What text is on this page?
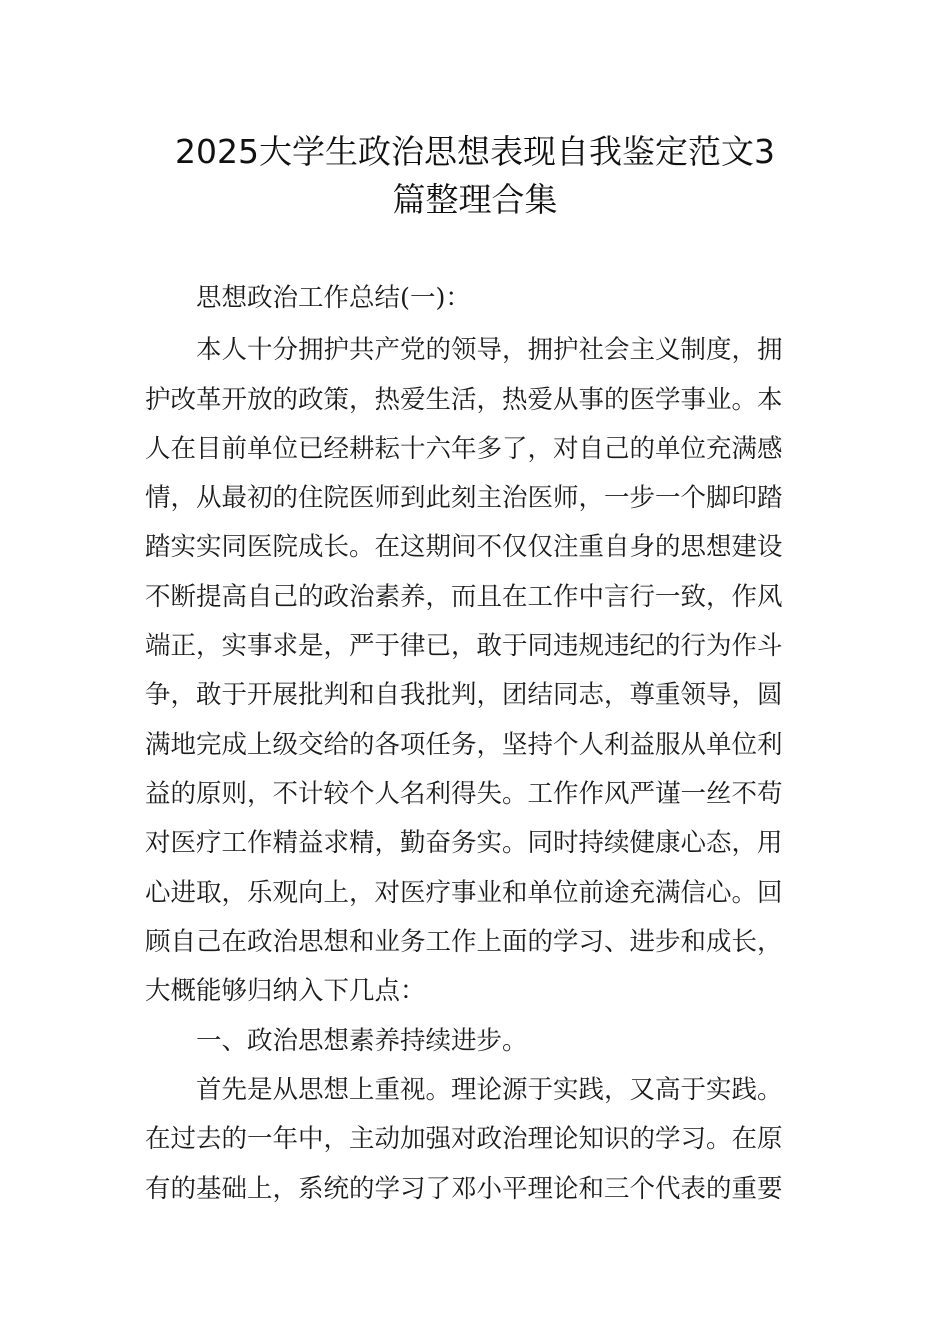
2025大学生政治思想表现自我鉴定范文3
篇整理合集
思想政治工作总结(一)：
本人十分拥护共产党的领导，拥护社会主义制度，拥
护改革开放的政策，热爱生活，热爱从事的医学事业。本
人在目前单位已经耕耘十六年多了，对自己的单位充满感
情，从最初的住院医师到此刻主治医师，一步一个脚印踏
踏实实同医院成长。在这期间不仅仅注重自身的思想建设
不断提高自己的政治素养，而且在工作中言行一致，作风
端正，实事求是，严于律已，敢于同违规违纪的行为作斗
争，敢于开展批判和自我批判，团结同志，尊重领导，圆
满地完成上级交给的各项任务，坚持个人利益服从单位利
益的原则，不计较个人名利得失。工作作风严谨一丝不苟
对医疗工作精益求精，勤奋务实。同时持续健康心态，用
心进取，乐观向上，对医疗事业和单位前途充满信心。回
顾自己在政治思想和业务工作上面的学习、进步和成长，
大概能够归纳入下几点：
一、政治思想素养持续进步。
首先是从思想上重视。理论源于实践，又高于实践。
在过去的一年中，主动加强对政治理论知识的学习。在原
有的基础上，系统的学习了邓小平理论和三个代表的重要
